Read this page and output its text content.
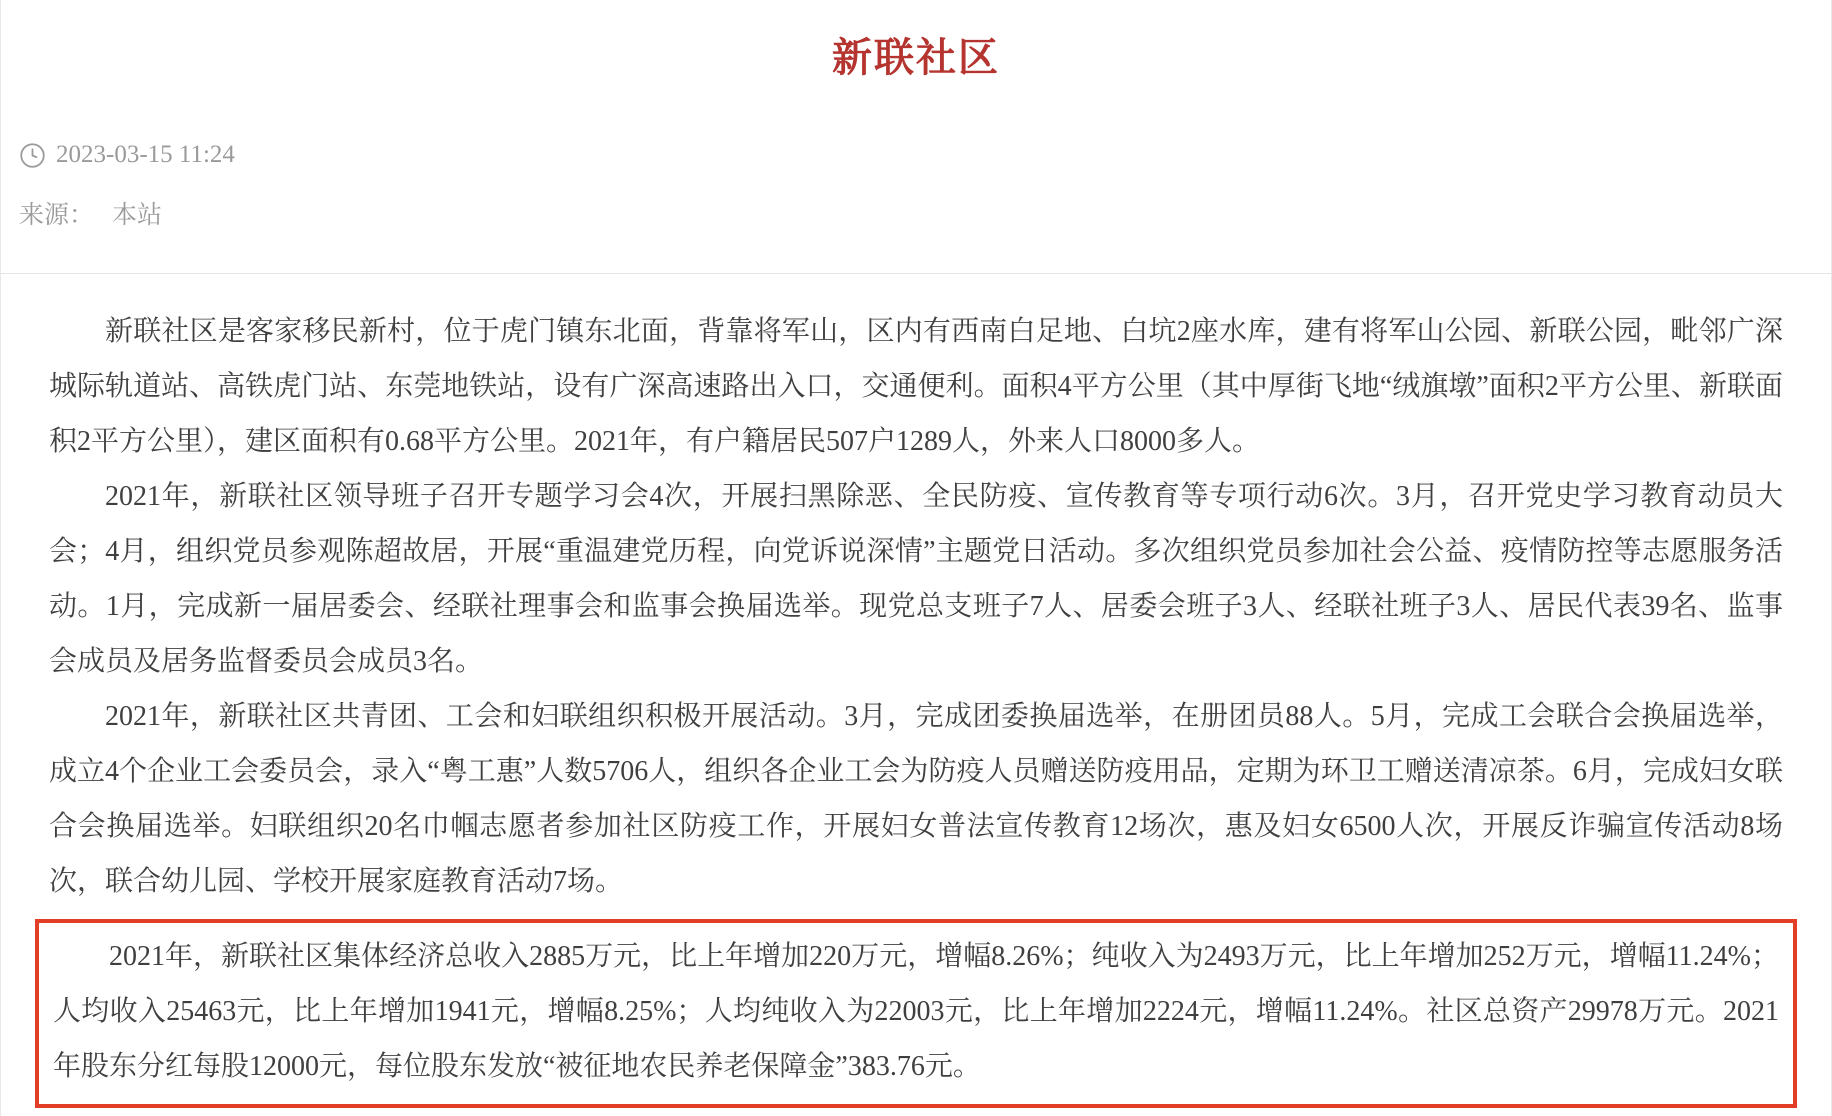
新联社区
2023-03-15 11:24
来源： 本站

新联社区是客家移民新村，位于虎门镇东北面，背靠将军山，区内有西南白足地、白坑2座水库，建有将军山公园、新联公园，毗邻广深城际轨道站、高铁虎门站、东莞地铁站，设有广深高速路出入口，交通便利。面积4平方公里（其中厚街飞地“绒旗墩”面积2平方公里、新联面积2平方公里），建区面积有0.68平方公里。2021年，有户籍居民507户1289人，外来人口8000多人。

2021年，新联社区领导班子召开专题学习会4次，开展扫黑除恶、全民防疫、宣传教育等专项行动6次。3月，召开党史学习教育动员大会；4月，组织党员参观陈超故居，开展“重温建党历程，向党诉说深情”主题党日活动。多次组织党员参加社会公益、疫情防控等志愿服务活动。1月，完成新一届居委会、经联社理事会和监事会换届选举。现党总支班子7人、居委会班子3人、经联社班子3人、居民代表39名、监事会成员及居务监督委员会成员3名。

2021年，新联社区共青团、工会和妇联组织积极开展活动。3月，完成团委换届选举，在册团员88人。5月，完成工会联合会换届选举，成立4个企业工会委员会，录入“粤工惠”人数5706人，组织各企业工会为防疫人员赠送防疫用品，定期为环卫工赠送清凉茶。6月，完成妇女联合会换届选举。妇联组织20名巾帼志愿者参加社区防疫工作，开展妇女普法宣传教育12场次，惠及妇女6500人次，开展反诈骗宣传活动8场次，联合幼儿园、学校开展家庭教育活动7场。

2021年，新联社区集体经济总收入2885万元，比上年增加220万元，增幅8.26%；纯收入为2493万元，比上年增加252万元，增幅11.24%；人均收入25463元，比上年增加1941元，增幅8.25%；人均纯收入为22003元，比上年增加2224元，增幅11.24%。社区总资产29978万元。2021年股东分红每股12000元，每位股东发放“被征地农民养老保障金”383.76元。
